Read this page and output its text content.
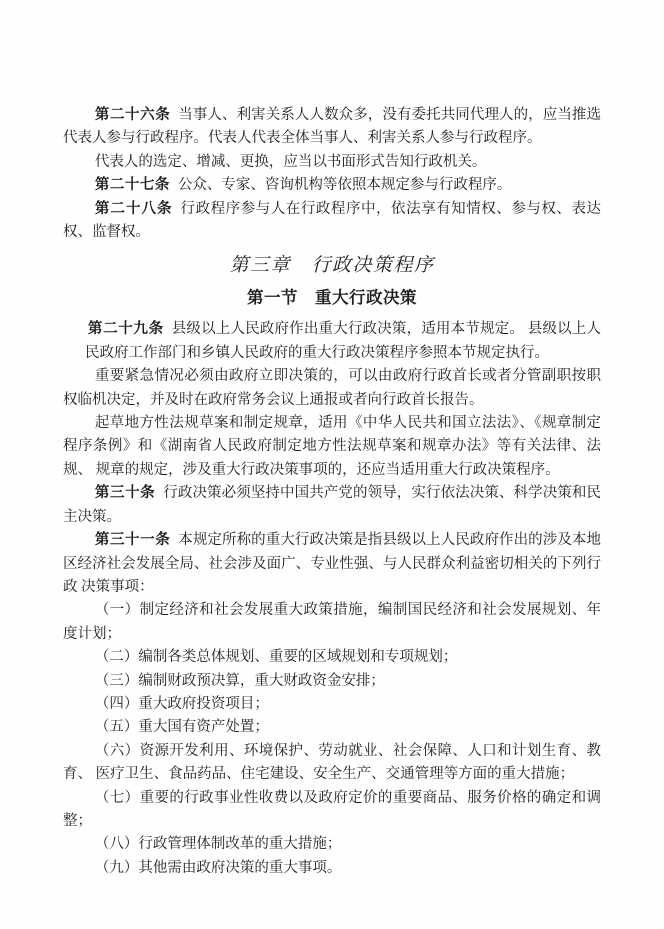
第二十六条 当事人、利害关系人人数众多，没有委托共同代理人的，应当推选代表人参与行政程序。代表人代表全体当事人、利害关系人参与行政程序。

代表人的选定、增减、更换，应当以书面形式告知行政机关。

第二十七条 公众、专家、咨询机构等依照本规定参与行政程序。

第二十八条 行政程序参与人在行政程序中，依法享有知情权、参与权、表达权、监督权。

第三章　行政决策程序
第一节　重大行政决策

第二十九条 县级以上人民政府作出重大行政决策，适用本节规定。 县级以上人民政府工作部门和乡镇人民政府的重大行政决策程序参照本节规定执行。

重要紧急情况必须由政府立即决策的，可以由政府行政首长或者分管副职按职权临机决定，并及时在政府常务会议上通报或者向行政首长报告。

起草地方性法规草案和制定规章，适用《中华人民共和国立法法》、《规章制定程序条例》和《湖南省人民政府制定地方性法规草案和规章办法》等有关法律、法规、 规章的规定，涉及重大行政决策事项的，还应当适用重大行政决策程序。

第三十条 行政决策必须坚持中国共产党的领导，实行依法决策、科学决策和民主决策。

第三十一条 本规定所称的重大行政决策是指县级以上人民政府作出的涉及本地区经济社会发展全局、社会涉及面广、专业性强、与人民群众利益密切相关的下列行政 决策事项：

（一）制定经济和社会发展重大政策措施，编制国民经济和社会发展规划、年度计划；

（二）编制各类总体规划、重要的区域规划和专项规划；

（三）编制财政预决算，重大财政资金安排；

（四）重大政府投资项目；

（五）重大国有资产处置；

（六）资源开发利用、环境保护、劳动就业、社会保障、人口和计划生育、教育、 医疗卫生、食品药品、住宅建设、安全生产、交通管理等方面的重大措施；

（七）重要的行政事业性收费以及政府定价的重要商品、服务价格的确定和调整；

（八）行政管理体制改革的重大措施；

（九）其他需由政府决策的重大事项。
